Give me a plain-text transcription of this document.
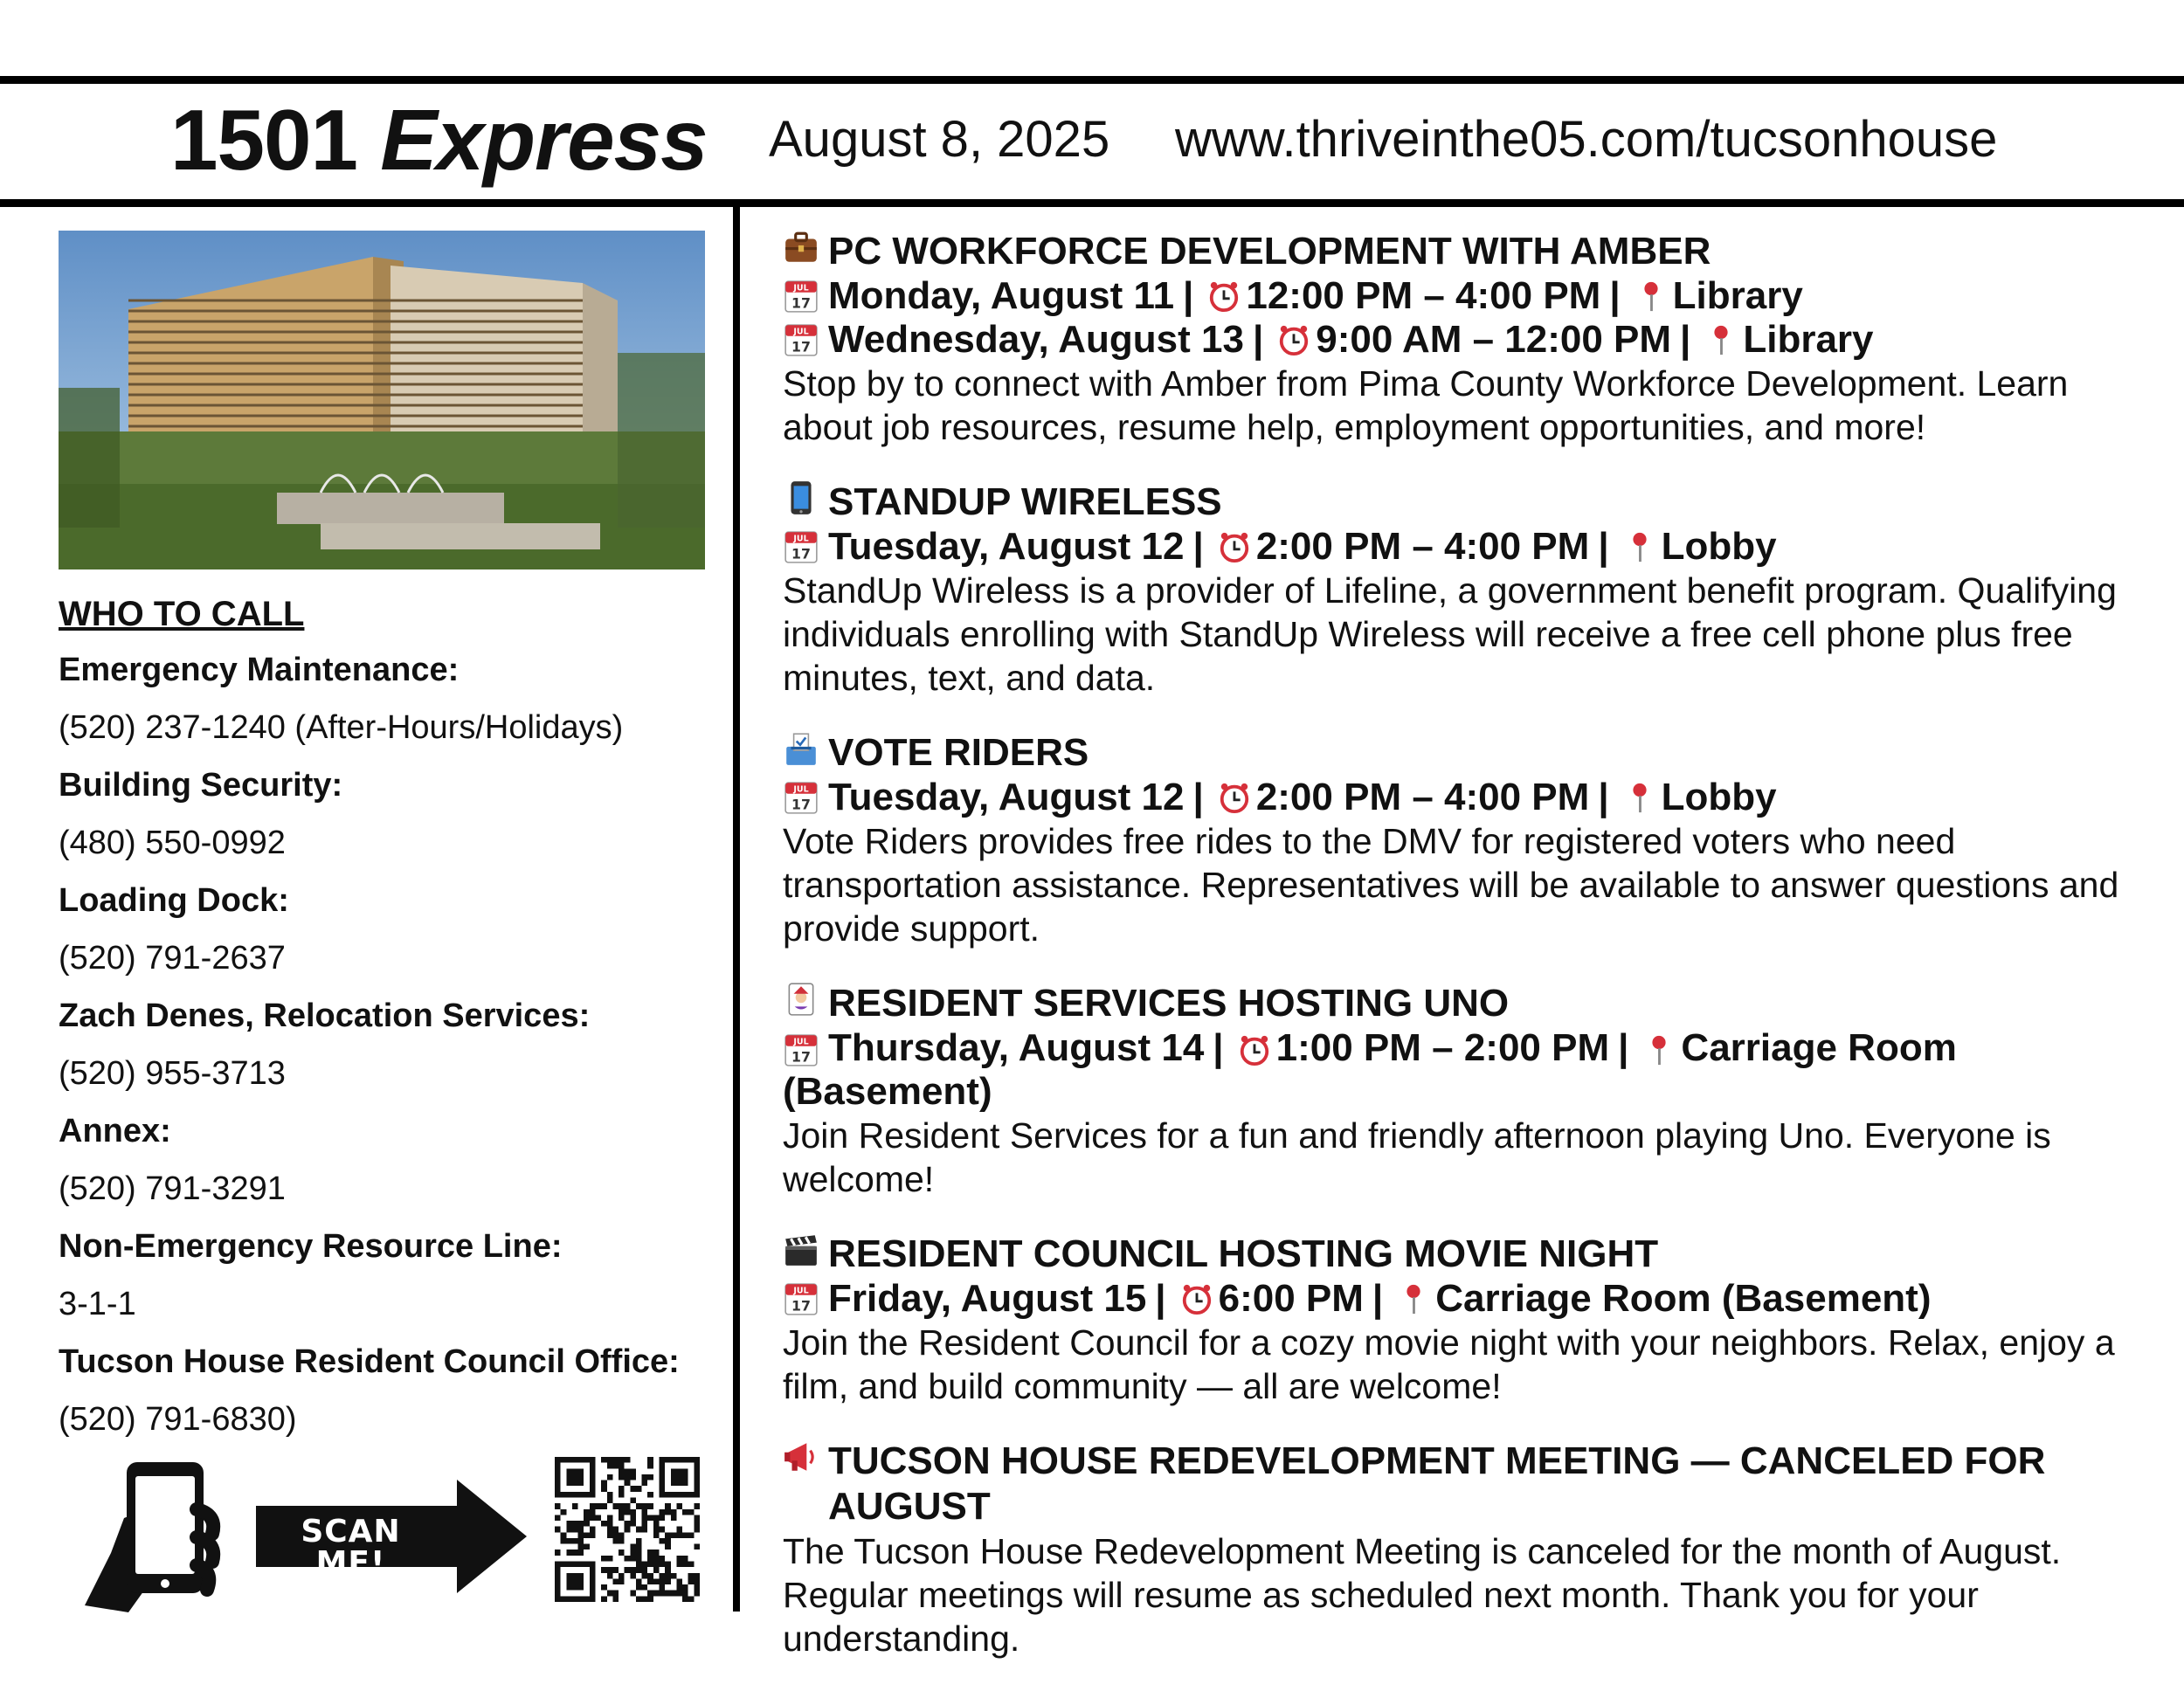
1501 Express August 8, 2025 www.thriveinthe05.com/tucsonhouse
WHO TO CALL
Emergency Maintenance:
(520) 237-1240 (After-Hours/Holidays)
Building Security:
(480) 550-0992
Loading Dock:
(520) 791-2637
Zach Denes, Relocation Services:
(520) 955-3713
Annex:
(520) 791-3291
Non-Emergency Resource Line:
3-1-1
Tucson House Resident Council Office:
(520) 791-6830)
SCAN ME!
PC WORKFORCE DEVELOPMENT WITH AMBER
JUL
17 Monday, August 11 | 12:00 PM – 4:00 PM | Library
JUL
17 Wednesday, August 13 | 9:00 AM – 12:00 PM | Library
Stop by to connect with Amber from Pima County Workforce Development. Learn about job resources, resume help, employment opportunities, and more!
STANDUP WIRELESS
JUL
17 Tuesday, August 12 | 2:00 PM – 4:00 PM | Lobby
StandUp Wireless is a provider of Lifeline, a government benefit program. Qualifying individuals enrolling with StandUp Wireless will receive a free cell phone plus free minutes, text, and data.
VOTE RIDERS
JUL
17 Tuesday, August 12 | 2:00 PM – 4:00 PM | Lobby
Vote Riders provides free rides to the DMV for registered voters who need transportation assistance. Representatives will be available to answer questions and provide support.
RESIDENT SERVICES HOSTING UNO
JUL
17 Thursday, August 14 | 1:00 PM – 2:00 PM | Carriage Room (Basement)
Join Resident Services for a fun and friendly afternoon playing Uno. Everyone is welcome!
RESIDENT COUNCIL HOSTING MOVIE NIGHT
JUL
17 Friday, August 15 | 6:00 PM | Carriage Room (Basement)
Join the Resident Council for a cozy movie night with your neighbors. Relax, enjoy a film, and build community — all are welcome!
TUCSON HOUSE REDEVELOPMENT MEETING — CANCELED FOR AUGUST
The Tucson House Redevelopment Meeting is canceled for the month of August. Regular meetings will resume as scheduled next month. Thank you for your understanding.
